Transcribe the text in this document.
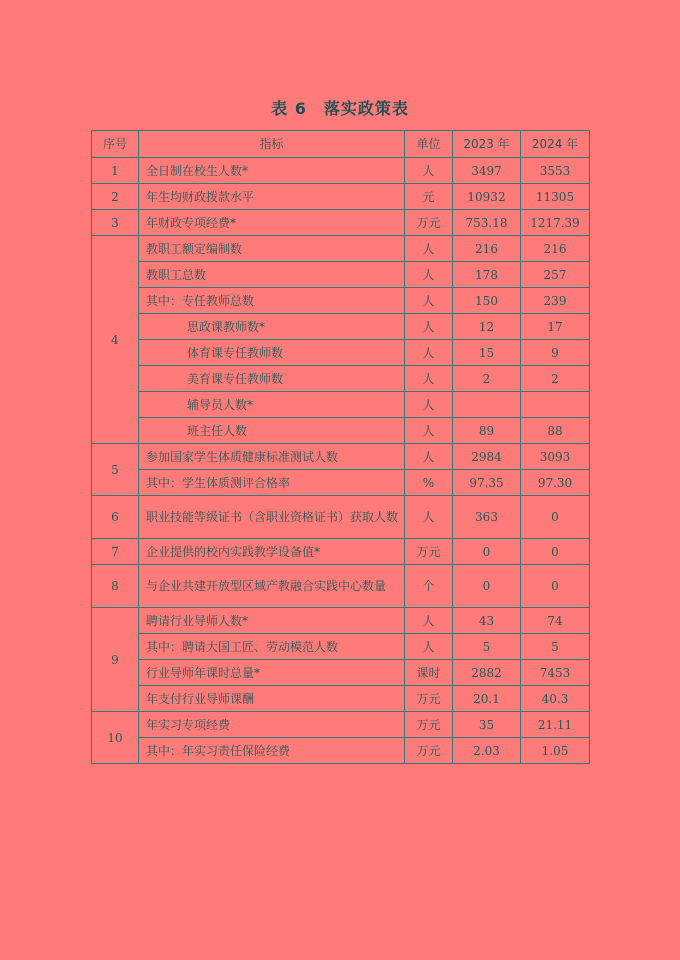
表 6　落实政策表
序号	指标	单位	2023 年	2024 年
1	全日制在校生人数*	人	3497	3553
2	年生均财政拨款水平	元	10932	11305
3	年财政专项经费*	万元	753.18	1217.39
4	教职工额定编制数	人	216	216
	教职工总数	人	178	257
	其中：专任教师总数	人	150	239
	思政课教师数*	人	12	17
	体育课专任教师数	人	15	9
	美育课专任教师数	人	2	2
	辅导员人数*	人		
	班主任人数	人	89	88
5	参加国家学生体质健康标准测试人数	人	2984	3093
	其中：学生体质测评合格率	%	97.35	97.30
6	职业技能等级证书（含职业资格证书）获取人数	人	363	0
7	企业提供的校内实践教学设备值*	万元	0	0
8	与企业共建开放型区域产教融合实践中心数量	个	0	0
9	聘请行业导师人数*	人	43	74
	其中：聘请大国工匠、劳动模范人数	人	5	5
	行业导师年课时总量*	课时	2882	7453
	年支付行业导师课酬	万元	20.1	40.3
10	年实习专项经费	万元	35	21.11
	其中：年实习责任保险经费	万元	2.03	1.05
